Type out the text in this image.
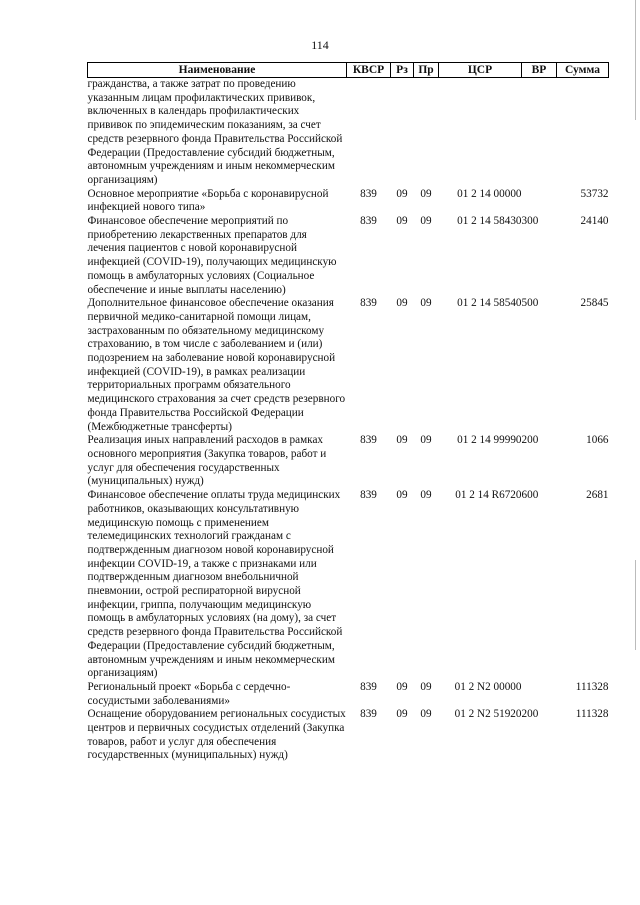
114
Наименование	КВСР	Рз	Пр	ЦСР	ВР	Сумма
гражданства, а также затрат по проведению указанным лицам профилактических прививок, включенных в календарь профилактических прививок по эпидемическим показаниям, за счет средств резервного фонда Правительства Российской Федерации (Предоставление субсидий бюджетным, автономным учреждениям и иным некоммерческим организациям)						
Основное мероприятие «Борьба с коронавирусной инфекцией нового типа»	839	09	09	01 2 14 00000		53732
Финансовое обеспечение мероприятий по приобретению лекарственных препаратов для лечения пациентов с новой коронавирусной инфекцией (COVID-19), получающих медицинскую помощь в амбулаторных условиях (Социальное обеспечение и иные выплаты населению)	839	09	09	01 2 14 58430	300	24140
Дополнительное финансовое обеспечение оказания первичной медико-санитарной помощи лицам, застрахованным по обязательному медицинскому страхованию, в том числе с заболеванием и (или) подозрением на заболевание новой коронавирусной инфекцией (COVID-19), в рамках реализации территориальных программ обязательного медицинского страхования за счет средств резервного фонда Правительства Российской Федерации (Межбюджетные трансферты)	839	09	09	01 2 14 58540	500	25845
Реализация иных направлений расходов в рамках основного мероприятия (Закупка товаров, работ и услуг для обеспечения государственных (муниципальных) нужд)	839	09	09	01 2 14 99990	200	1066
Финансовое обеспечение оплаты труда медицинских работников, оказывающих консультативную медицинскую помощь с применением телемедицинских технологий гражданам с подтвержденным диагнозом новой коронавирусной инфекции COVID-19, а также с признаками или подтвержденным диагнозом внебольничной пневмонии, острой респираторной вирусной инфекции, гриппа, получающим медицинскую помощь в амбулаторных условиях (на дому), за счет средств резервного фонда Правительства Российской Федерации (Предоставление субсидий бюджетным, автономным учреждениям и иным некоммерческим организациям)	839	09	09	01 2 14 R6720	600	2681
Региональный проект «Борьба с сердечно-сосудистыми заболеваниями»	839	09	09	01 2 N2 00000		111328
Оснащение оборудованием региональных сосудистых центров и первичных сосудистых отделений (Закупка товаров, работ и услуг для обеспечения государственных (муниципальных) нужд)	839	09	09	01 2 N2 51920	200	111328
